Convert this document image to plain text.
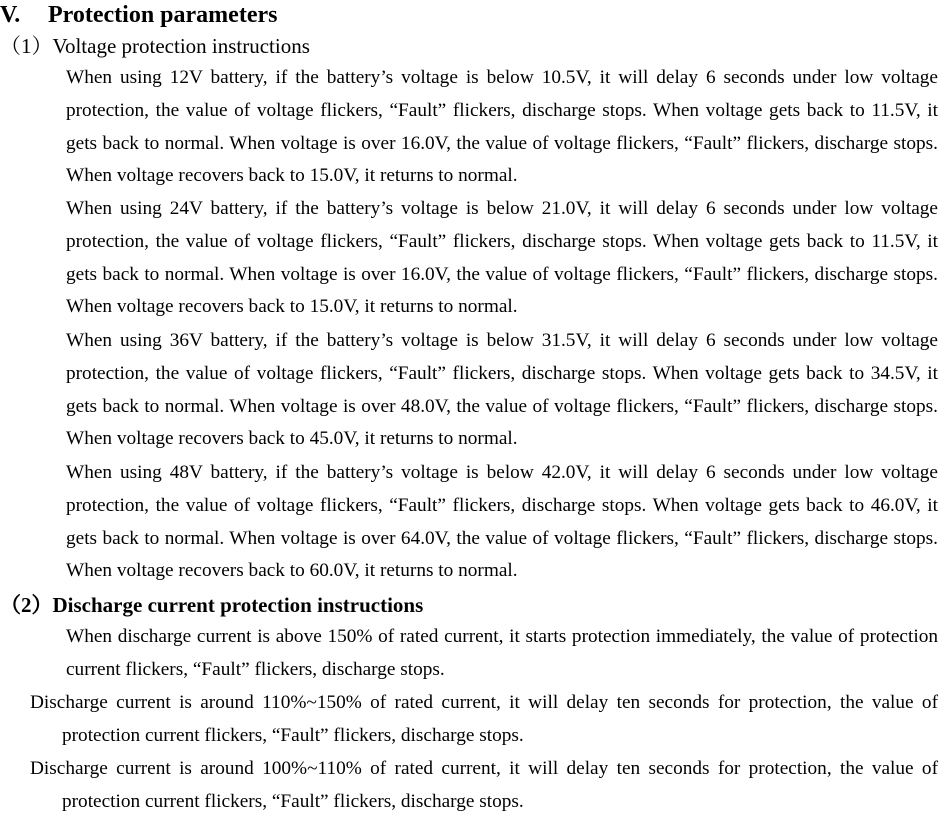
V. Protection parameters
（1）Voltage protection instructions

When using 12V battery, if the battery’s voltage is below 10.5V, it will delay 6 seconds under low voltage protection, the value of voltage flickers, “Fault” flickers, discharge stops. When voltage gets back to 11.5V, it gets back to normal. When voltage is over 16.0V, the value of voltage flickers, “Fault” flickers, discharge stops. When voltage recovers back to 15.0V, it returns to normal.

When using 24V battery, if the battery’s voltage is below 21.0V, it will delay 6 seconds under low voltage protection, the value of voltage flickers, “Fault” flickers, discharge stops. When voltage gets back to 11.5V, it gets back to normal. When voltage is over 16.0V, the value of voltage flickers, “Fault” flickers, discharge stops. When voltage recovers back to 15.0V, it returns to normal.

When using 36V battery, if the battery’s voltage is below 31.5V, it will delay 6 seconds under low voltage protection, the value of voltage flickers, “Fault” flickers, discharge stops. When voltage gets back to 34.5V, it gets back to normal. When voltage is over 48.0V, the value of voltage flickers, “Fault” flickers, discharge stops. When voltage recovers back to 45.0V, it returns to normal.

When using 48V battery, if the battery’s voltage is below 42.0V, it will delay 6 seconds under low voltage protection, the value of voltage flickers, “Fault” flickers, discharge stops. When voltage gets back to 46.0V, it gets back to normal. When voltage is over 64.0V, the value of voltage flickers, “Fault” flickers, discharge stops. When voltage recovers back to 60.0V, it returns to normal.

（2）Discharge current protection instructions

When discharge current is above 150% of rated current, it starts protection immediately, the value of protection current flickers, “Fault” flickers, discharge stops.

Discharge current is around 110%~150% of rated current, it will delay ten seconds for protection, the value of protection current flickers, “Fault” flickers, discharge stops.

Discharge current is around 100%~110% of rated current, it will delay ten seconds for protection, the value of protection current flickers, “Fault” flickers, discharge stops.
